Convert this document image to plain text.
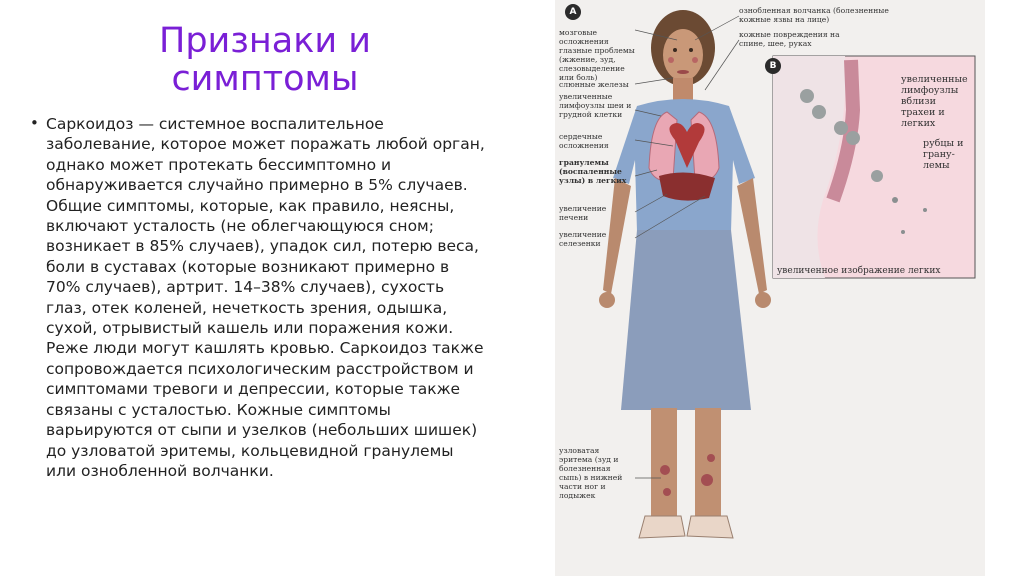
Признаки и симптомы
• Саркоидоз — системное воспалительное заболевание, которое может поражать любой орган, однако может протекать бессимптомно и обнаруживается случайно примерно в 5% случаев. Общие симптомы, которые, как правило, неясны, включают усталость (не облегчающуюся сном; возникает в 85% случаев), упадок сил, потерю веса, боли в суставах (которые возникают примерно в 70% случаев), артрит. 14–38% случаев), сухость глаз, отек коленей, нечеткость зрения, одышка, сухой, отрывистый кашель или поражения кожи. Реже люди могут кашлять кровью. Саркоидоз также сопровождается психологическим расстройством и симптомами тревоги и депрессии, которые также связаны с усталостью. Кожные симптомы варьируются от сыпи и узелков (небольших шишек) до узловатой эритемы, кольцевидной гранулемы или ознобленной волчанки.

A
B
ознобленная волчанка (болезненные кожные язвы на лице)
кожные повреждения на спине, шее, руках
мозговые осложнения глазные проблемы (жжение, зуд, слезовыделение или боль)
слюнные железы
увеличенные лимфоузлы шеи и грудной клетки
сердечные осложнения
гранулемы (воспаленные узлы) в легких
увеличение печени
увеличение селезенки
узловатая эритема (зуд и болезненная сыпь) в нижней части ног и лодыжек
увеличенные лимфоузлы вблизи трахеи и легких
рубцы и грану-лемы
увеличенное изображение легких
